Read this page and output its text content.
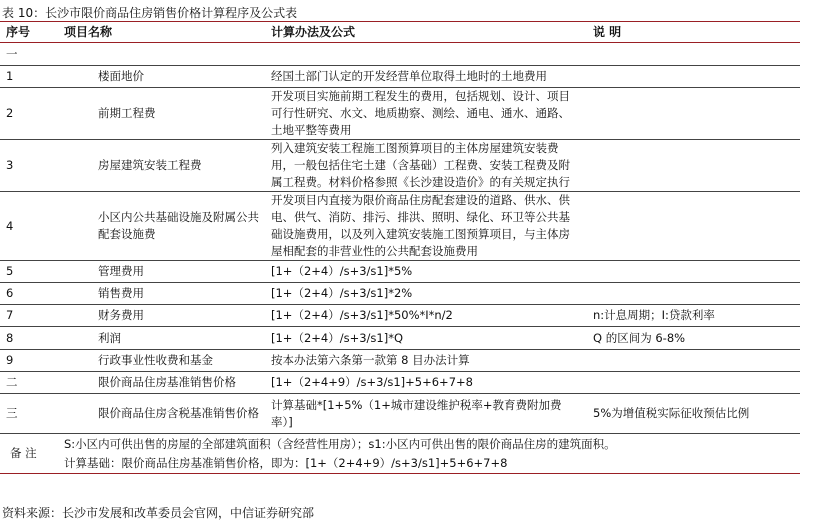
表 10：长沙市限价商品住房销售价格计算程序及公式表
序号	项目名称	计算办法及公式	说 明
一			
1	楼面地价	经国土部门认定的开发经营单位取得土地时的土地费用	
2	前期工程费	开发项目实施前期工程发生的费用，包括规划、设计、项目可行性研究、水文、地质勘察、测绘、通电、通水、通路、土地平整等费用	
3	房屋建筑安装工程费	列入建筑安装工程施工图预算项目的主体房屋建筑安装费用，一般包括住宅土建（含基础）工程费、安装工程费及附属工程费。材料价格参照《长沙建设造价》的有关规定执行	
4	小区内公共基础设施及附属公共配套设施费	开发项目内直接为限价商品住房配套建设的道路、供水、供电、供气、消防、排污、排洪、照明、绿化、环卫等公共基础设施费用，以及列入建筑安装施工图预算项目，与主体房屋相配套的非营业性的公共配套设施费用	
5	管理费用	[1+（2+4）/s+3/s1]*5%	
6	销售费用	[1+（2+4）/s+3/s1]*2%	
7	财务费用	[1+（2+4）/s+3/s1]*50%*I*n/2	n:计息周期；I:贷款利率
8	利润	[1+（2+4）/s+3/s1]*Q	Q 的区间为 6-8%
9	行政事业性收费和基金	按本办法第六条第一款第 8 目办法计算	
二	限价商品住房基准销售价格	[1+（2+4+9）/s+3/s1]+5+6+7+8	
三	限价商品住房含税基准销售价格	计算基础*[1+5%（1+城市建设维护税率+教育费附加费率）]	5%为增值税实际征收预估比例
备 注	S:小区内可供出售的房屋的全部建筑面积（含经营性用房）；s1:小区内可供出售的限价商品住房的建筑面积。
计算基础：限价商品住房基准销售价格，即为：[1+（2+4+9）/s+3/s1]+5+6+7+8		
资料来源：长沙市发展和改革委员会官网，中信证券研究部
